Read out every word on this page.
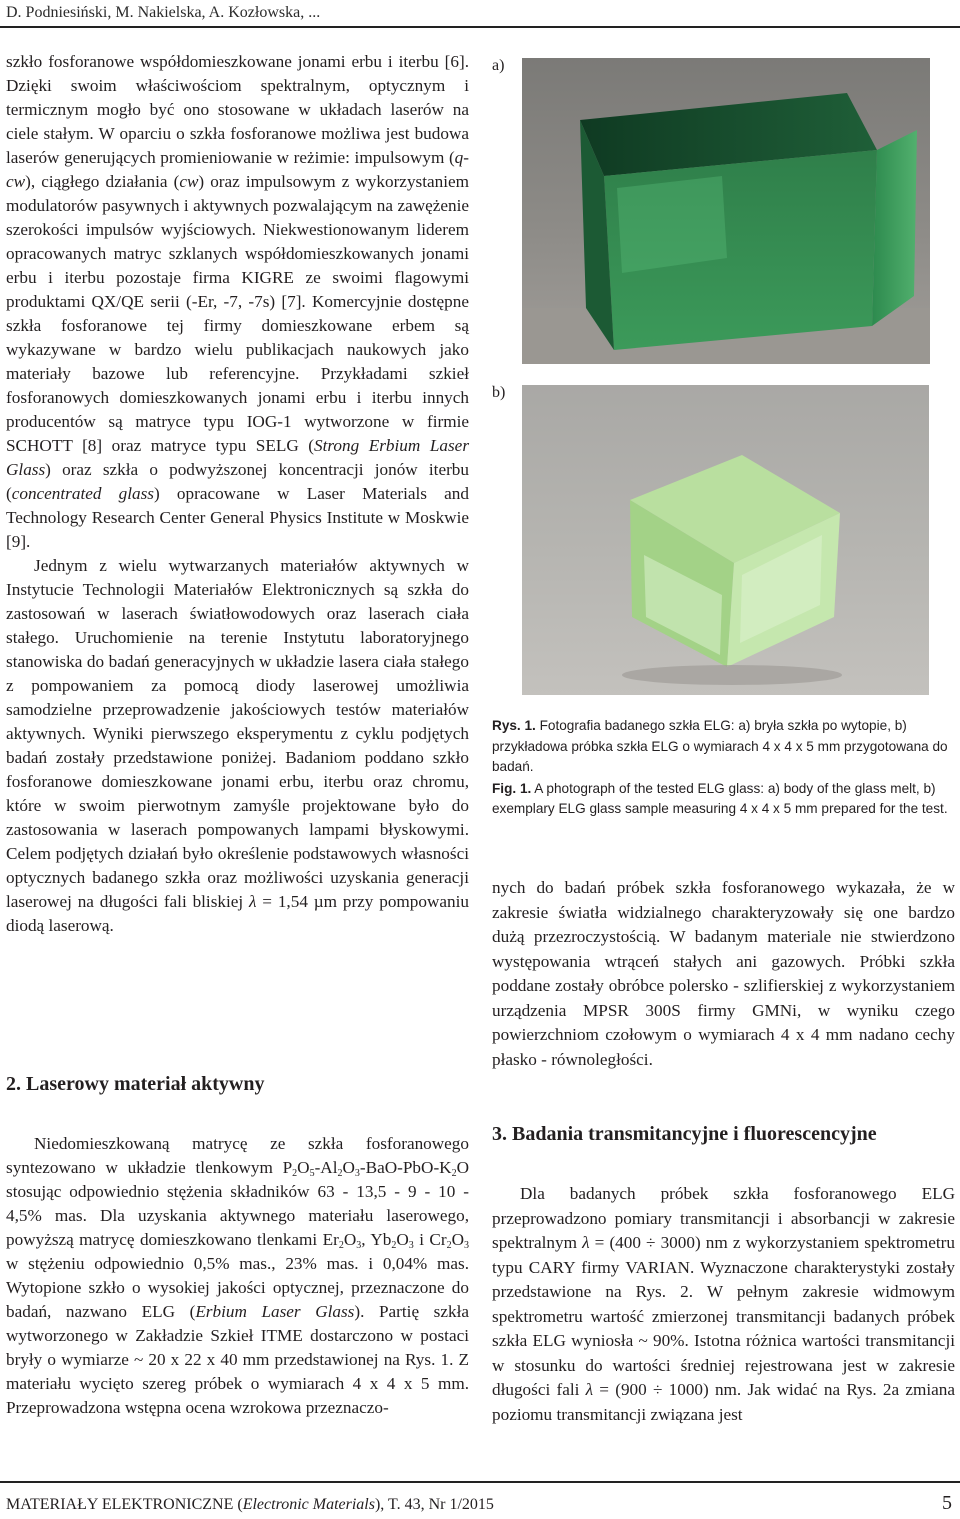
D. Podniesiński, M. Nakielska, A. Kozłowska, ...

szkło fosforanowe współdomieszkowane jonami erbu i iterbu [6]. Dzięki swoim właściwościom spektralnym, optycznym i termicznym mogło być ono stosowane w układach laserów na ciele stałym. W oparciu o szkła fosforanowe możliwa jest budowa laserów generujących promieniowanie w reżimie: impulsowym (q-cw), ciągłego działania (cw) oraz impulsowym z wykorzystaniem modulatorów pasywnych i aktywnych pozwalającym na zawężenie szerokości impulsów wyjściowych. Niekwestionowanym liderem opracowanych matryc szklanych współdomieszkowanych jonami erbu i iterbu pozostaje firma KIGRE ze swoimi flagowymi produktami QX/QE serii (-Er, -7, -7s) [7]. Komercyjnie dostępne szkła fosforanowe tej firmy domieszkowane erbem są wykazywane w bardzo wielu publikacjach naukowych jako materiały bazowe lub referencyjne. Przykładami szkieł fosforanowych domieszkowanych jonami erbu i iterbu innych producentów są matryce typu IOG-1 wytworzone w firmie SCHOTT [8] oraz matryce typu SELG (Strong Erbium Laser Glass) oraz szkła o podwyższonej koncentracji jonów iterbu (concentrated glass) opracowane w Laser Materials and Technology Research Center General Physics Institute w Moskwie [9].

Jednym z wielu wytwarzanych materiałów aktywnych w Instytucie Technologii Materiałów Elektronicznych są szkła do zastosowań w laserach światłowodowych oraz laserach ciała stałego. Uruchomienie na terenie Instytutu laboratoryjnego stanowiska do badań generacyjnych w układzie lasera ciała stałego z pompowaniem za pomocą diody laserowej umożliwia samodzielne przeprowadzenie jakościowych testów materiałów aktywnych. Wyniki pierwszego eksperymentu z cyklu podjętych badań zostały przedstawione poniżej. Badaniom poddano szkło fosforanowe domieszkowane jonami erbu, iterbu oraz chromu, które w swoim pierwotnym zamyśle projektowane było do zastosowania w laserach pompowanych lampami błyskowymi. Celem podjętych działań było określenie podstawowych własności optycznych badanego szkła oraz możliwości uzyskania generacji laserowej na długości fali bliskiej λ = 1,54 µm przy pompowaniu diodą laserową.

2. Laserowy materiał aktywny

Niedomieszkowaną matrycę ze szkła fosforanowego syntezowano w układzie tlenkowym $P_2O_5-Al_2O_3-BaO-PbO-K_2O$ stosując odpowiednio stężenia składników 63 - 13,5 - 9 - 10 - 4,5% mas. Dla uzyskania aktywnego materiału laserowego, powyższą matrycę domieszkowano tlenkami $Er_2O_3$, $Yb_2O_3$ i $Cr_2O_3$ w stężeniu odpowiednio 0,5% mas., 23% mas. i 0,04% mas. Wytopione szkło o wysokiej jakości optycznej, przeznaczone do badań, nazwano ELG (Erbium Laser Glass). Partię szkła wytworzonego w Zakładzie Szkieł ITME dostarczono w postaci bryły o wymiarze ~ 20 x 22 x 40 mm przedstawionej na Rys. 1. Z materiału wycięto szereg próbek o wymiarach 4 x 4 x 5 mm. Przeprowadzona wstępna ocena wzrokowa przeznaczo-

a)
b)

Rys. 1. Fotografia badanego szkła ELG: a) bryła szkła po wytopie, b) przykładowa próbka szkła ELG o wymiarach 4 x 4 x 5 mm przygotowana do badań.

Fig. 1. A photograph of the tested ELG glass: a) body of the glass melt, b) exemplary ELG glass sample measuring 4 x 4 x 5 mm prepared for the test.

nych do badań próbek szkła fosforanowego wykazała, że w zakresie światła widzialnego charakteryzowały się one bardzo dużą przezroczystością. W badanym materiale nie stwierdzono występowania wtrąceń stałych ani gazowych. Próbki szkła poddane zostały obróbce polersko - szlifierskiej z wykorzystaniem urządzenia MPSR 300S firmy GMNi, w wyniku czego powierzchniom czołowym o wymiarach 4 x 4 mm nadano cechy płasko - równoległości.

3. Badania transmitancyjne i fluorescencyjne

Dla badanych próbek szkła fosforanowego ELG przeprowadzono pomiary transmitancji i absorbancji w zakresie spektralnym λ = (400 ÷ 3000) nm z wykorzystaniem spektrometru typu CARY firmy VARIAN. Wyznaczone charakterystyki zostały przedstawione na Rys. 2. W pełnym zakresie widmowym spektrometru wartość zmierzonej transmitancji badanych próbek szkła ELG wyniosła ~ 90%. Istotna różnica wartości transmitancji w stosunku do wartości średniej rejestrowana jest w zakresie długości fali λ = (900 ÷ 1000) nm. Jak widać na Rys. 2a zmiana poziomu transmitancji związana jest

MATERIAŁY ELEKTRONICZNE (Electronic Materials), T. 43, Nr 1/2015	5
